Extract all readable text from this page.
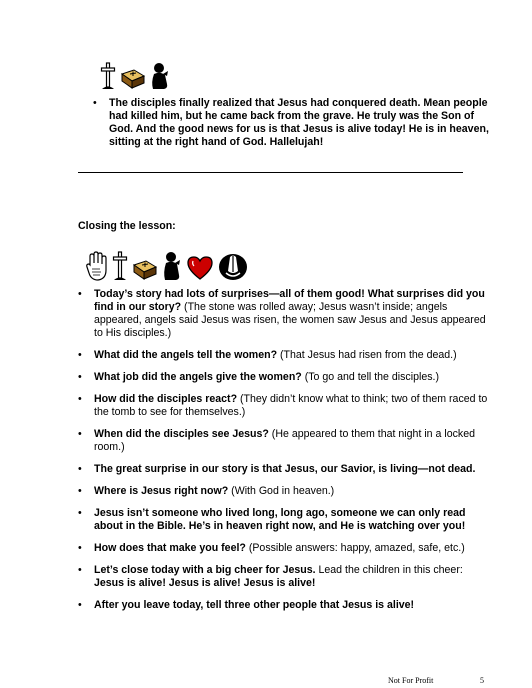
• The disciples finally realized that Jesus had conquered death. Mean people had killed him, but he came back from the grave. He truly was the Son of God. And the good news for us is that Jesus is alive today! He is in heaven, sitting at the right hand of God. Hallelujah!
Closing the lesson:
• Today’s story had lots of surprises—all of them good! What surprises did you find in our story? (The stone was rolled away; Jesus wasn’t inside; angels appeared, angels said Jesus was risen, the women saw Jesus and Jesus appeared to His disciples.)
• What did the angels tell the women? (That Jesus had risen from the dead.)
• What job did the angels give the women? (To go and tell the disciples.)
• How did the disciples react? (They didn’t know what to think; two of them raced to the tomb to see for themselves.)
• When did the disciples see Jesus? (He appeared to them that night in a locked room.)
• The great surprise in our story is that Jesus, our Savior, is living—not dead.
• Where is Jesus right now? (With God in heaven.)
• Jesus isn’t someone who lived long, long ago, someone we can only read about in the Bible. He’s in heaven right now, and He is watching over you!
• How does that make you feel? (Possible answers: happy, amazed, safe, etc.)
• Let’s close today with a big cheer for Jesus. Lead the children in this cheer: Jesus is alive! Jesus is alive! Jesus is alive!
• After you leave today, tell three other people that Jesus is alive!
Not For Profit	5
